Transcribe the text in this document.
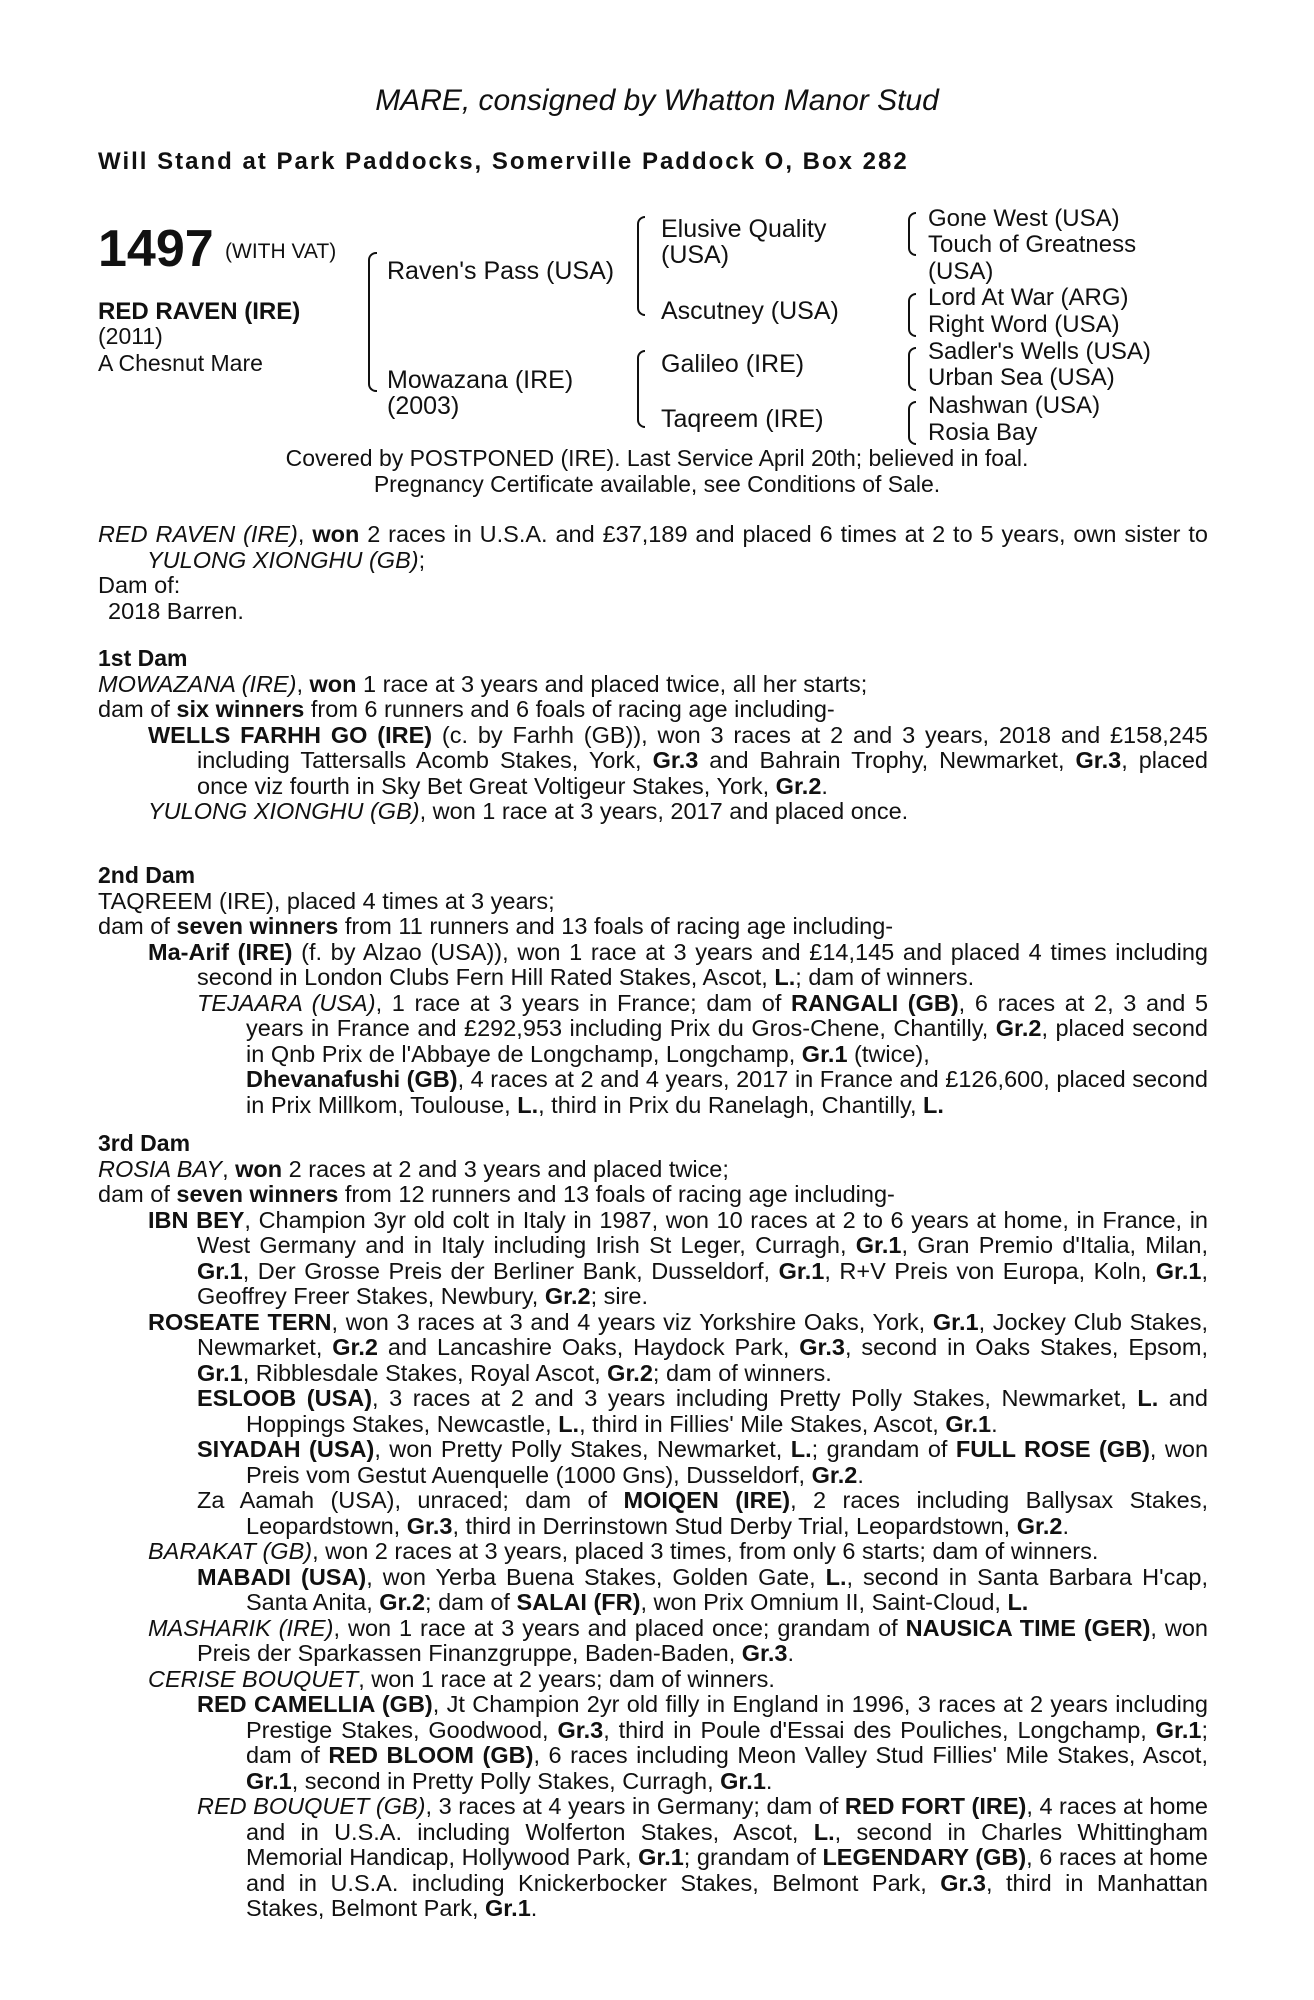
MARE, consigned by Whatton Manor Stud
Will Stand at Park Paddocks, Somerville Paddock O, Box 282
1497 (WITH VAT)
RED RAVEN (IRE)
(2011)
A Chesnut Mare
Raven's Pass (USA)
Mowazana (IRE)
(2003)
Elusive Quality
(USA)
Ascutney (USA)
Galileo (IRE)
Taqreem (IRE)
Gone West (USA)
Touch of Greatness
(USA)
Lord At War (ARG)
Right Word (USA)
Sadler's Wells (USA)
Urban Sea (USA)
Nashwan (USA)
Rosia Bay
Covered by POSTPONED (IRE). Last Service April 20th; believed in foal.
Pregnancy Certificate available, see Conditions of Sale.

RED RAVEN (IRE), won 2 races in U.S.A. and £37,189 and placed 6 times at 2 to 5 years, own sister to YULONG XIONGHU (GB);

Dam of:

2018 Barren.

1st Dam

MOWAZANA (IRE), won 1 race at 3 years and placed twice, all her starts;

dam of six winners from 6 runners and 6 foals of racing age including-

WELLS FARHH GO (IRE) (c. by Farhh (GB)), won 3 races at 2 and 3 years, 2018 and £158,245 including Tattersalls Acomb Stakes, York, Gr.3 and Bahrain Trophy, Newmarket, Gr.3, placed once viz fourth in Sky Bet Great Voltigeur Stakes, York, Gr.2.

YULONG XIONGHU (GB), won 1 race at 3 years, 2017 and placed once.

2nd Dam

TAQREEM (IRE), placed 4 times at 3 years;

dam of seven winners from 11 runners and 13 foals of racing age including-

Ma-Arif (IRE) (f. by Alzao (USA)), won 1 race at 3 years and £14,145 and placed 4 times including second in London Clubs Fern Hill Rated Stakes, Ascot, L.; dam of winners.

TEJAARA (USA), 1 race at 3 years in France; dam of RANGALI (GB), 6 races at 2, 3 and 5 years in France and £292,953 including Prix du Gros-Chene, Chantilly, Gr.2, placed second in Qnb Prix de l'Abbaye de Longchamp, Longchamp, Gr.1 (twice),

Dhevanafushi (GB), 4 races at 2 and 4 years, 2017 in France and £126,600, placed second in Prix Millkom, Toulouse, L., third in Prix du Ranelagh, Chantilly, L.

3rd Dam

ROSIA BAY, won 2 races at 2 and 3 years and placed twice;

dam of seven winners from 12 runners and 13 foals of racing age including-

IBN BEY, Champion 3yr old colt in Italy in 1987, won 10 races at 2 to 6 years at home, in France, in West Germany and in Italy including Irish St Leger, Curragh, Gr.1, Gran Premio d'Italia, Milan, Gr.1, Der Grosse Preis der Berliner Bank, Dusseldorf, Gr.1, R+V Preis von Europa, Koln, Gr.1, Geoffrey Freer Stakes, Newbury, Gr.2; sire.

ROSEATE TERN, won 3 races at 3 and 4 years viz Yorkshire Oaks, York, Gr.1, Jockey Club Stakes, Newmarket, Gr.2 and Lancashire Oaks, Haydock Park, Gr.3, second in Oaks Stakes, Epsom, Gr.1, Ribblesdale Stakes, Royal Ascot, Gr.2; dam of winners.

ESLOOB (USA), 3 races at 2 and 3 years including Pretty Polly Stakes, Newmarket, L. and Hoppings Stakes, Newcastle, L., third in Fillies' Mile Stakes, Ascot, Gr.1.

SIYADAH (USA), won Pretty Polly Stakes, Newmarket, L.; grandam of FULL ROSE (GB), won Preis vom Gestut Auenquelle (1000 Gns), Dusseldorf, Gr.2.

Za Aamah (USA), unraced; dam of MOIQEN (IRE), 2 races including Ballysax Stakes, Leopardstown, Gr.3, third in Derrinstown Stud Derby Trial, Leopardstown, Gr.2.

BARAKAT (GB), won 2 races at 3 years, placed 3 times, from only 6 starts; dam of winners.

MABADI (USA), won Yerba Buena Stakes, Golden Gate, L., second in Santa Barbara H'cap, Santa Anita, Gr.2; dam of SALAI (FR), won Prix Omnium II, Saint-Cloud, L.

MASHARIK (IRE), won 1 race at 3 years and placed once; grandam of NAUSICA TIME (GER), won Preis der Sparkassen Finanzgruppe, Baden-Baden, Gr.3.

CERISE BOUQUET, won 1 race at 2 years; dam of winners.

RED CAMELLIA (GB), Jt Champion 2yr old filly in England in 1996, 3 races at 2 years including Prestige Stakes, Goodwood, Gr.3, third in Poule d'Essai des Pouliches, Longchamp, Gr.1; dam of RED BLOOM (GB), 6 races including Meon Valley Stud Fillies' Mile Stakes, Ascot, Gr.1, second in Pretty Polly Stakes, Curragh, Gr.1.

RED BOUQUET (GB), 3 races at 4 years in Germany; dam of RED FORT (IRE), 4 races at home and in U.S.A. including Wolferton Stakes, Ascot, L., second in Charles Whittingham Memorial Handicap, Hollywood Park, Gr.1; grandam of LEGENDARY (GB), 6 races at home and in U.S.A. including Knickerbocker Stakes, Belmont Park, Gr.3, third in Manhattan Stakes, Belmont Park, Gr.1.
